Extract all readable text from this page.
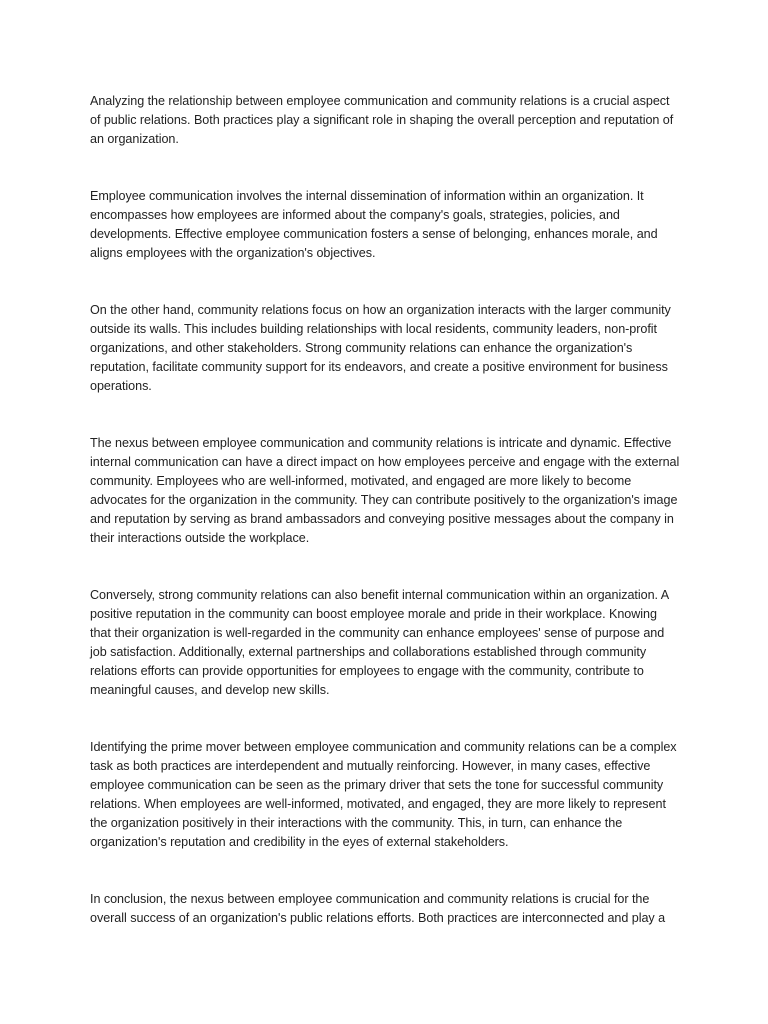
Analyzing the relationship between employee communication and community relations is a crucial aspect of public relations. Both practices play a significant role in shaping the overall perception and reputation of an organization.

Employee communication involves the internal dissemination of information within an organization. It encompasses how employees are informed about the company's goals, strategies, policies, and developments. Effective employee communication fosters a sense of belonging, enhances morale, and aligns employees with the organization's objectives.

On the other hand, community relations focus on how an organization interacts with the larger community outside its walls. This includes building relationships with local residents, community leaders, non-profit organizations, and other stakeholders. Strong community relations can enhance the organization's reputation, facilitate community support for its endeavors, and create a positive environment for business operations.

The nexus between employee communication and community relations is intricate and dynamic. Effective internal communication can have a direct impact on how employees perceive and engage with the external community. Employees who are well-informed, motivated, and engaged are more likely to become advocates for the organization in the community. They can contribute positively to the organization's image and reputation by serving as brand ambassadors and conveying positive messages about the company in their interactions outside the workplace.

Conversely, strong community relations can also benefit internal communication within an organization. A positive reputation in the community can boost employee morale and pride in their workplace. Knowing that their organization is well-regarded in the community can enhance employees' sense of purpose and job satisfaction. Additionally, external partnerships and collaborations established through community relations efforts can provide opportunities for employees to engage with the community, contribute to meaningful causes, and develop new skills.

Identifying the prime mover between employee communication and community relations can be a complex task as both practices are interdependent and mutually reinforcing. However, in many cases, effective employee communication can be seen as the primary driver that sets the tone for successful community relations. When employees are well-informed, motivated, and engaged, they are more likely to represent the organization positively in their interactions with the community. This, in turn, can enhance the organization's reputation and credibility in the eyes of external stakeholders.

In conclusion, the nexus between employee communication and community relations is crucial for the overall success of an organization's public relations efforts. Both practices are interconnected and play a
